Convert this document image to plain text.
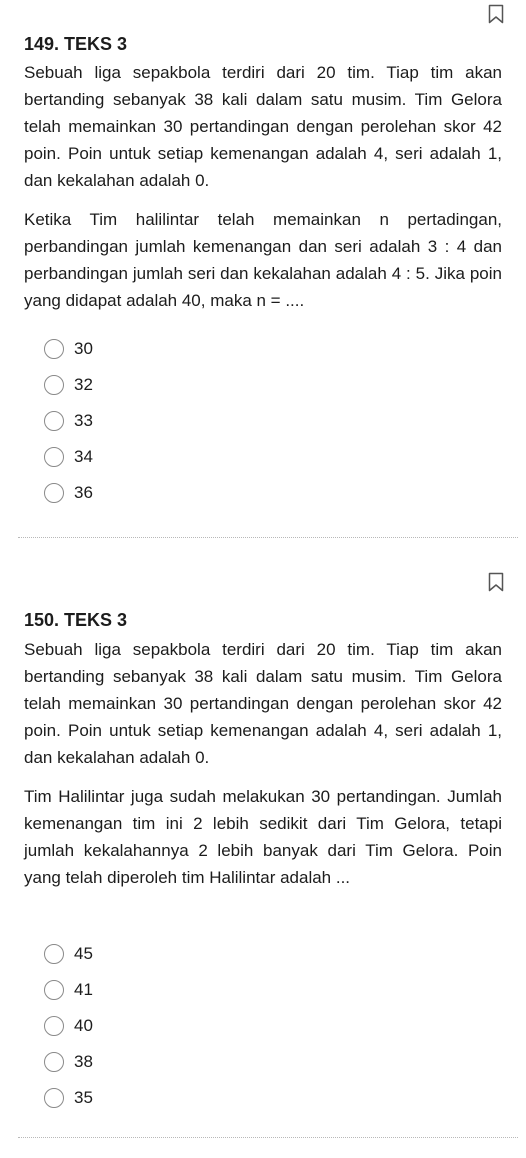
149. TEKS 3

Sebuah liga sepakbola terdiri dari 20 tim. Tiap tim akan bertanding sebanyak 38 kali dalam satu musim. Tim Gelora telah memainkan 30 pertandingan dengan perolehan skor 42 poin. Poin untuk setiap kemenangan adalah 4, seri adalah 1, dan kekalahan adalah 0.

Ketika Tim halilintar telah memainkan n pertadingan, perbandingan jumlah kemenangan dan seri adalah 3 : 4 dan perbandingan jumlah seri dan kekalahan adalah 4 : 5. Jika poin yang didapat adalah 40, maka n = ....

30
32
33
34
36
150. TEKS 3

Sebuah liga sepakbola terdiri dari 20 tim. Tiap tim akan bertanding sebanyak 38 kali dalam satu musim. Tim Gelora telah memainkan 30 pertandingan dengan perolehan skor 42 poin. Poin untuk setiap kemenangan adalah 4, seri adalah 1, dan kekalahan adalah 0.

Tim Halilintar juga sudah melakukan 30 pertandingan. Jumlah kemenangan tim ini 2 lebih sedikit dari Tim Gelora, tetapi jumlah kekalahannya 2 lebih banyak dari Tim Gelora. Poin yang telah diperoleh tim Halilintar adalah ...

45
41
40
38
35
